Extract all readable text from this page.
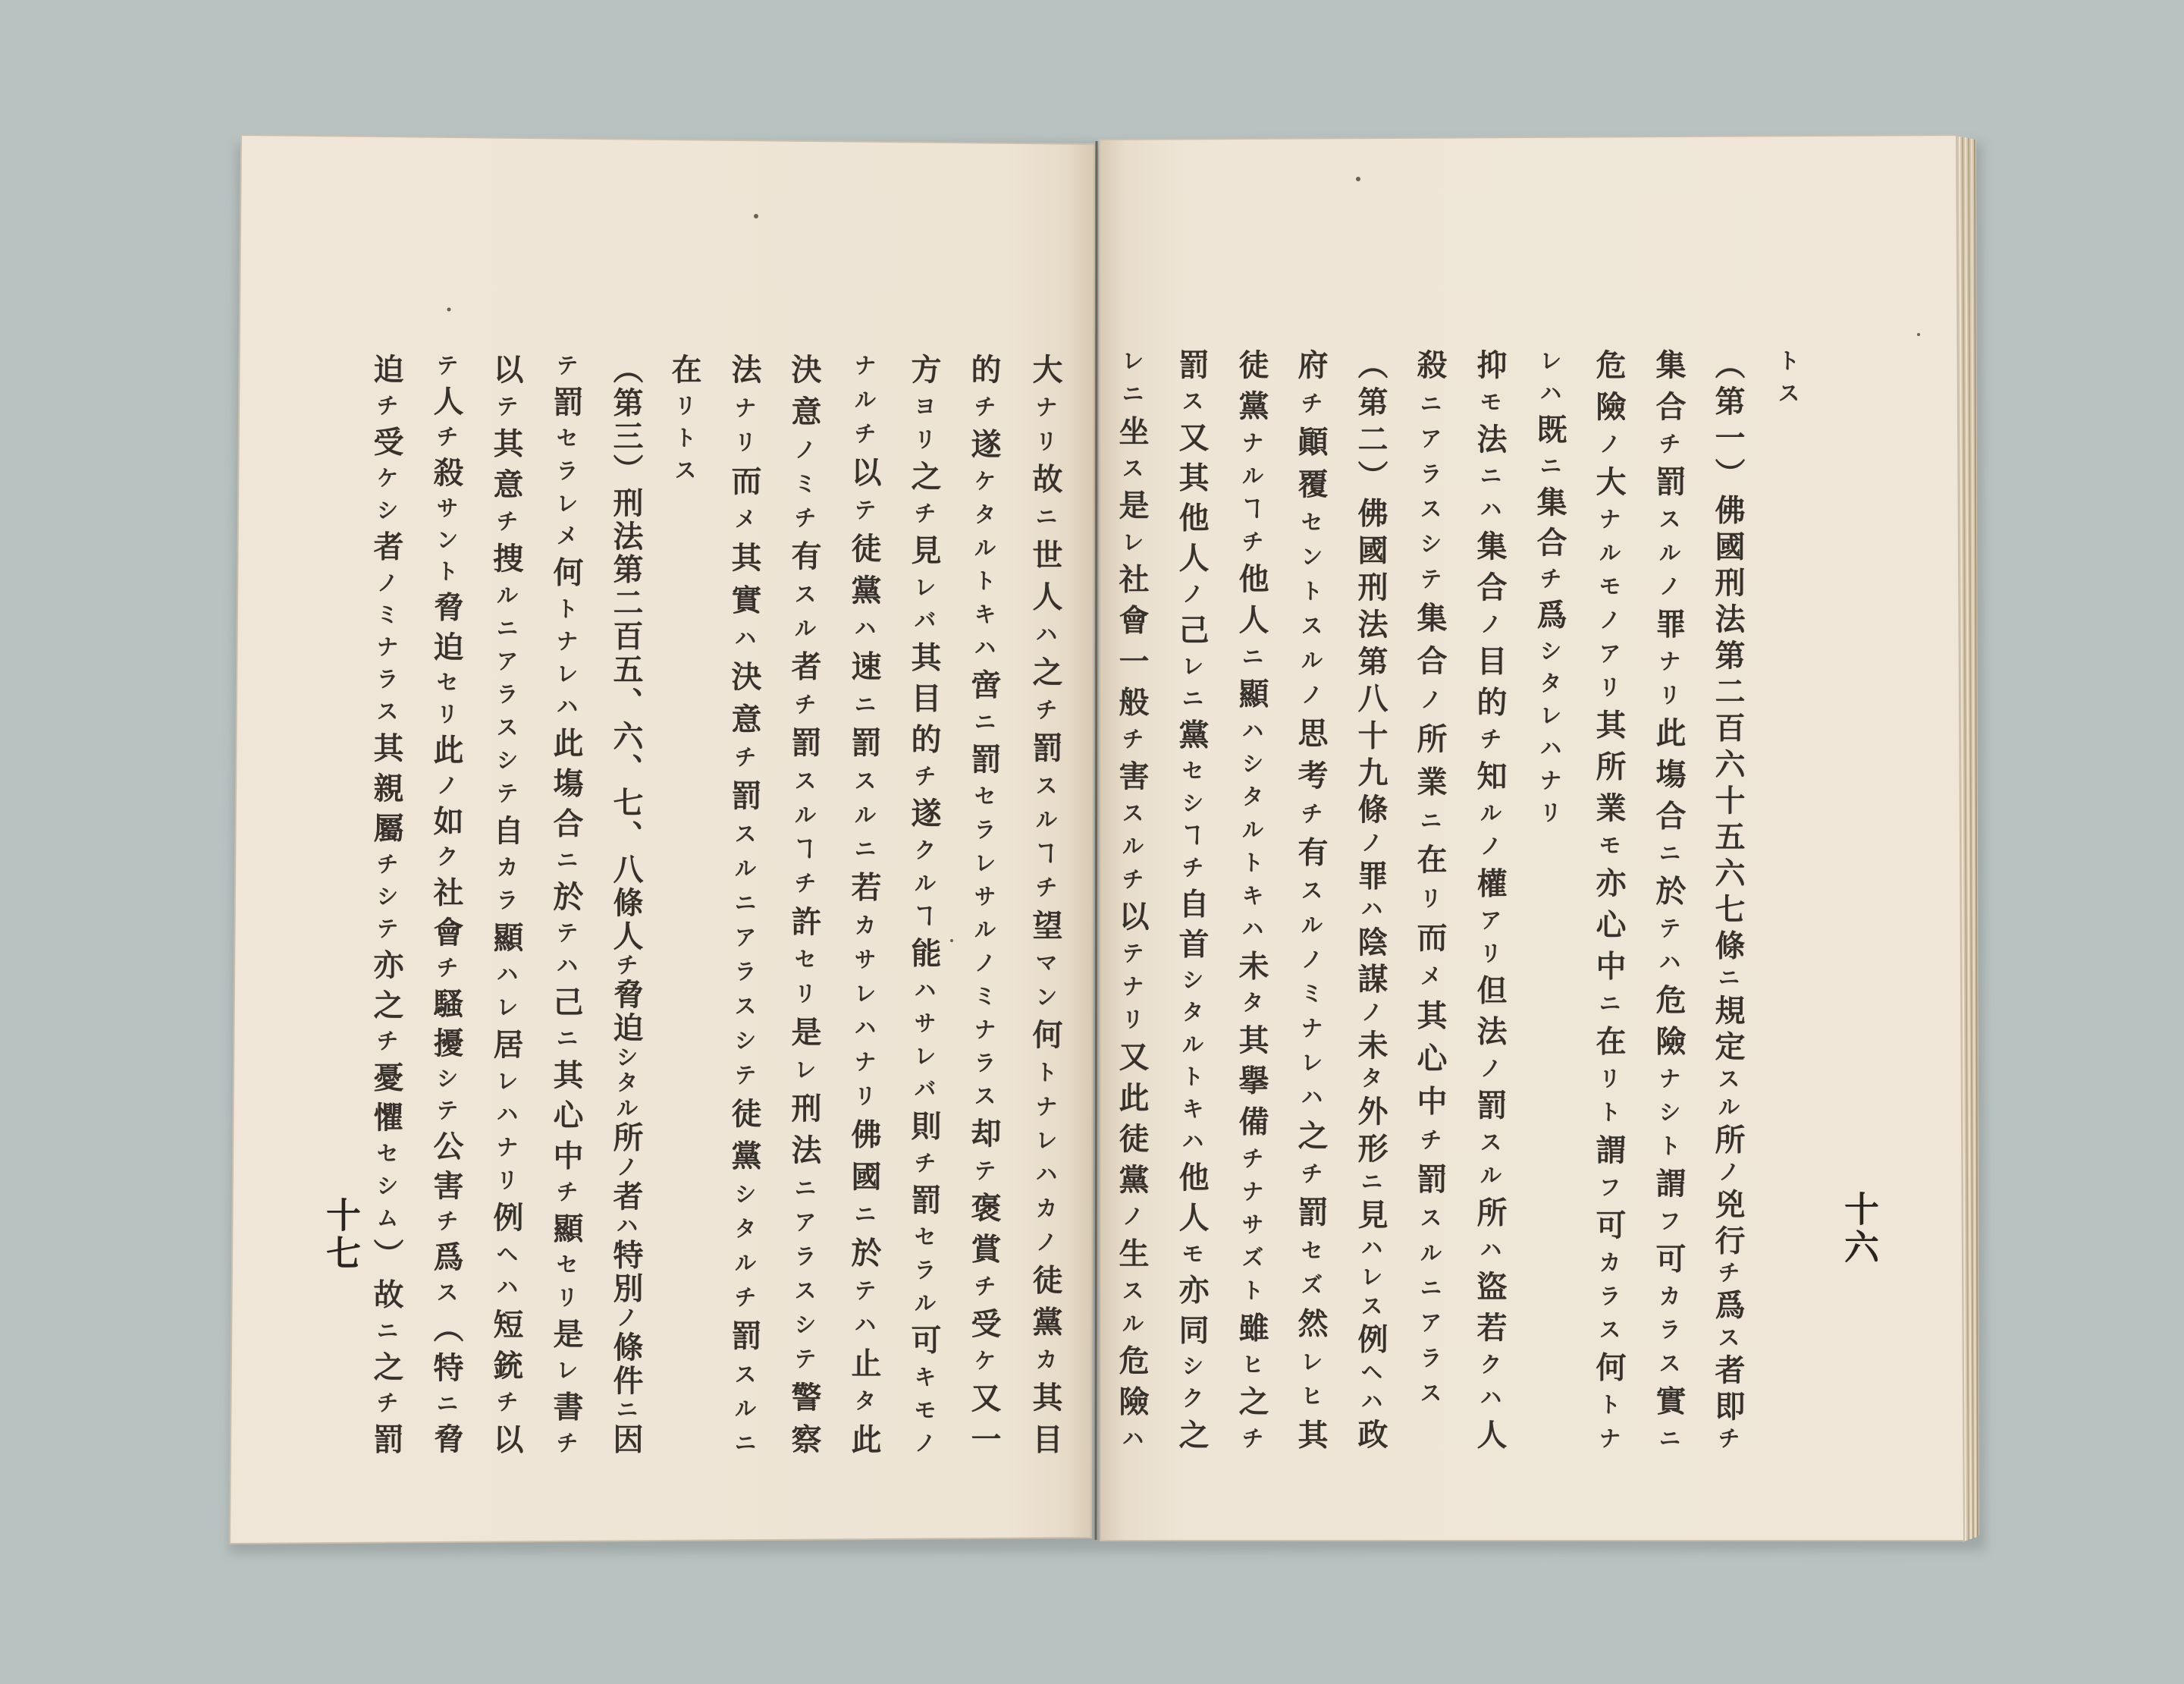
トス
（第一）佛國刑法第二百六十五六七條ニ規定スル所ノ兇行チ爲ス者即チ
集合チ罰スルノ罪ナリ此塲合ニ於テハ危險ナシト謂フ可カラス實ニ
危險ノ大ナルモノアリ其所業モ亦心中ニ在リト謂フ可カラス何トナ
レハ既ニ集合チ爲シタレハナリ
抑モ法ニハ集合ノ目的チ知ルノ權アリ但法ノ罰スル所ハ盜若クハ人
殺ニアラスシテ集合ノ所業ニ在リ而メ其心中チ罰スルニアラス
（第二）佛國刑法第八十九條ノ罪ハ陰謀ノ未タ外形ニ見ハレス例ヘハ政
府チ顚覆セントスルノ思考チ有スルノミナレハ之チ罰セズ然レヒ其
徒黨ナルヿチ他人ニ顯ハシタルトキハ未タ其擧備チナサズト雖ヒ之チ
罰ス又其他人ノ己レニ黨セシヿチ自首シタルトキハ他人モ亦同シク之
レニ坐ス是レ社會一般チ害スルチ以テナリ又此徒黨ノ生スル危險ハ
十六
大ナリ故ニ世人ハ之チ罰スルヿチ望マン何トナレハカノ徒黨カ其目
的チ遂ケタルトキハ啻ニ罰セラレサルノミナラス却テ褒賞チ受ケ又一
方ヨリ之チ見レバ其目的チ遂クルヿ能ハサレバ則チ罰セラル可キモノ
ナルチ以テ徒黨ハ速ニ罰スルニ若カサレハナリ佛國ニ於テハ止タ此
決意ノミチ有スル者チ罰スルヿチ許セリ是レ刑法ニアラスシテ警察
法ナリ而メ其實ハ決意チ罰スルニアラスシテ徒黨シタルチ罰スルニ
在リトス
（第三）刑法第二百五、六、七、八條人チ脅迫シタル所ノ者ハ特別ノ條件ニ因
テ罰セラレメ何トナレハ此塲合ニ於テハ己ニ其心中チ顯セリ是レ書チ
以テ其意チ捜ルニアラスシテ自カラ顯ハレ居レハナリ例ヘハ短銃チ以
テ人チ殺サント脅迫セリ此ノ如ク社會チ騷擾シテ公害チ爲ス（特ニ脅
迫チ受ケシ者ノミナラス其親屬チシテ亦之チ憂懼セシム）故ニ之チ罰
十七
